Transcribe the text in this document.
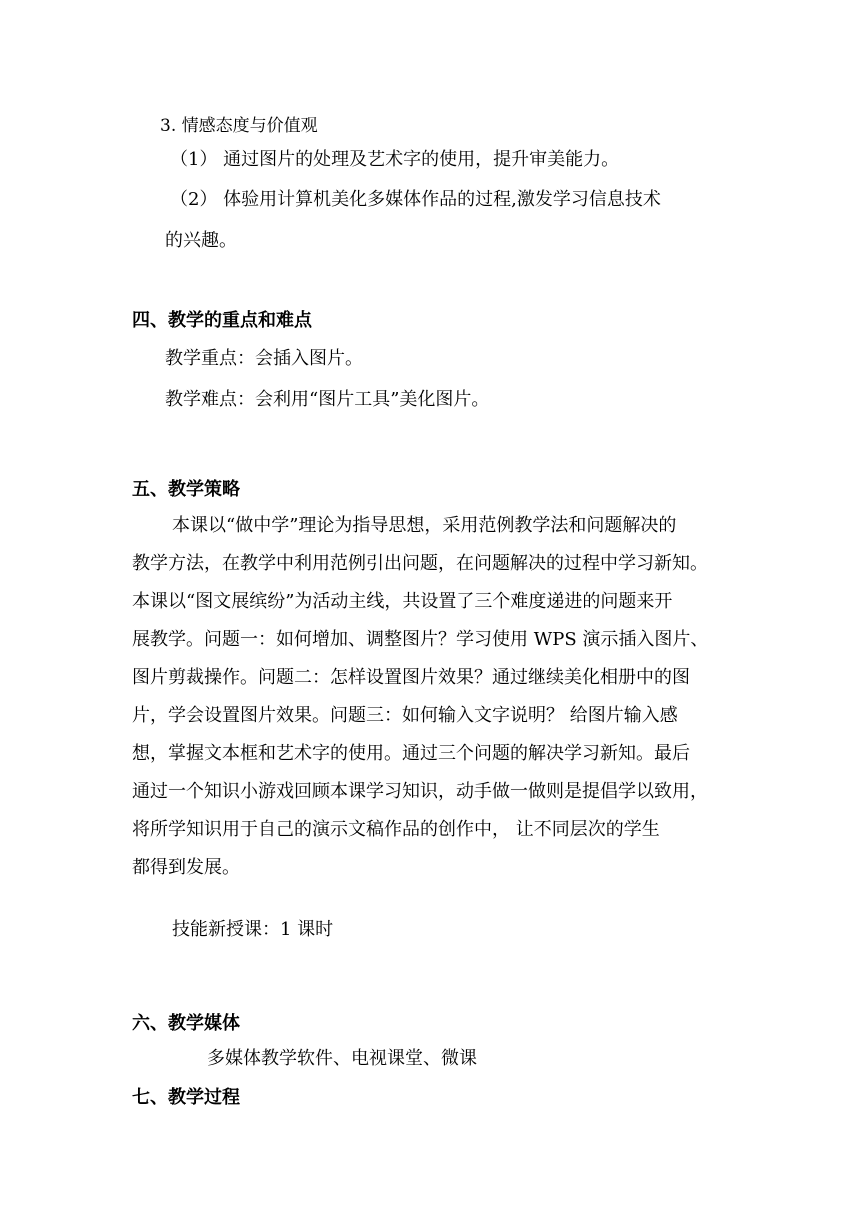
3. 情感态度与价值观
（1） 通过图片的处理及艺术字的使用，提升审美能力。
（2） 体验用计算机美化多媒体作品的过程,激发学习信息技术
的兴趣。
四、教学的重点和难点
教学重点：会插入图片。
教学难点：会利用“图片工具”美化图片。
五、教学策略
本课以“做中学”理论为指导思想，采用范例教学法和问题解决的
教学方法，在教学中利用范例引出问题，在问题解决的过程中学习新知。
本课以“图文展缤纷”为活动主线，共设置了三个难度递进的问题来开
展教学。问题一：如何增加、调整图片？学习使用 WPS 演示插入图片、
图片剪裁操作。问题二：怎样设置图片效果？通过继续美化相册中的图
片，学会设置图片效果。问题三：如何输入文字说明？ 给图片输入感
想，掌握文本框和艺术字的使用。通过三个问题的解决学习新知。最后
通过一个知识小游戏回顾本课学习知识，动手做一做则是提倡学以致用，
将所学知识用于自己的演示文稿作品的创作中， 让不同层次的学生
都得到发展。
技能新授课：1 课时
六、教学媒体
多媒体教学软件、电视课堂、微课
七、教学过程
